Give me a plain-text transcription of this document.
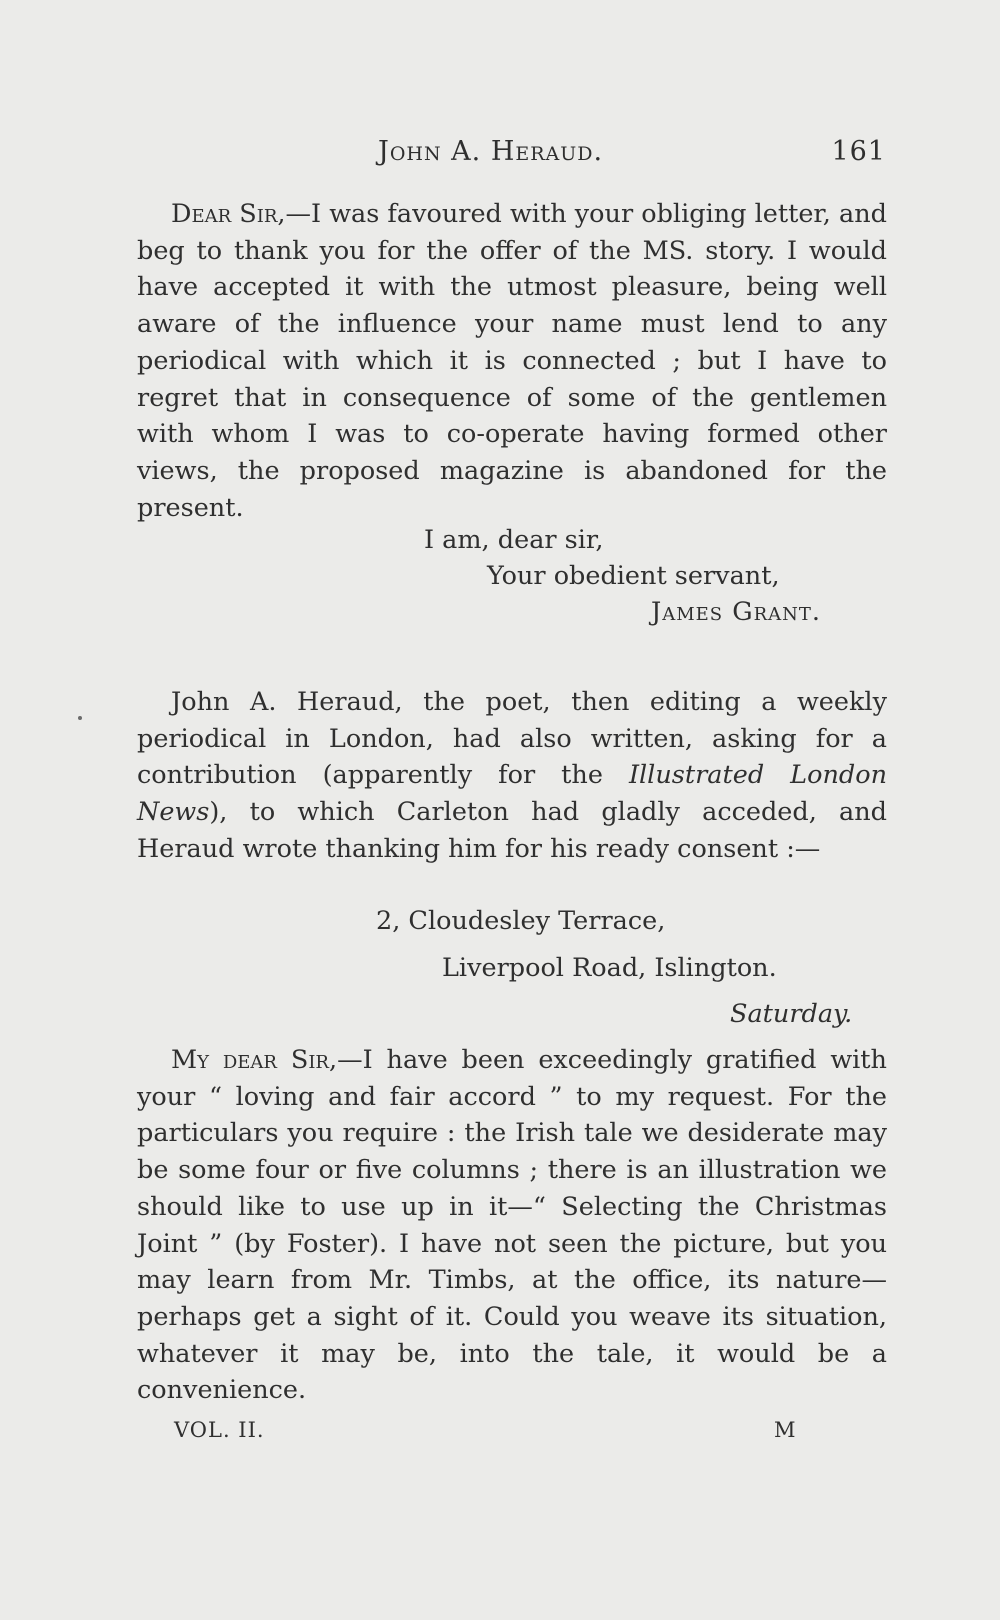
John A. Heraud.	161

Dear Sir,—I was favoured with your obliging letter, and beg to thank you for the offer of the MS. story. I would have accepted it with the utmost pleasure, being well aware of the influence your name must lend to any periodical with which it is connected ; but I have to regret that in consequence of some of the gentlemen with whom I was to co-operate having formed other views, the proposed magazine is abandoned for the present.

I am, dear sir,
Your obedient servant,
James Grant.

John A. Heraud, the poet, then editing a weekly periodical in London, had also written, asking for a contribution (apparently for the Illustrated London News), to which Carleton had gladly acceded, and Heraud wrote thanking him for his ready consent :—

2, Cloudesley Terrace,
Liverpool Road, Islington.
Saturday.

My dear Sir,—I have been exceedingly gratified with your “ loving and fair accord ” to my request. For the particulars you require : the Irish tale we desiderate may be some four or five columns ; there is an illustration we should like to use up in it—“ Selecting the Christmas Joint ” (by Foster). I have not seen the picture, but you may learn from Mr. Timbs, at the office, its nature—perhaps get a sight of it. Could you weave its situation, whatever it may be, into the tale, it would be a convenience.

VOL. II.	M
